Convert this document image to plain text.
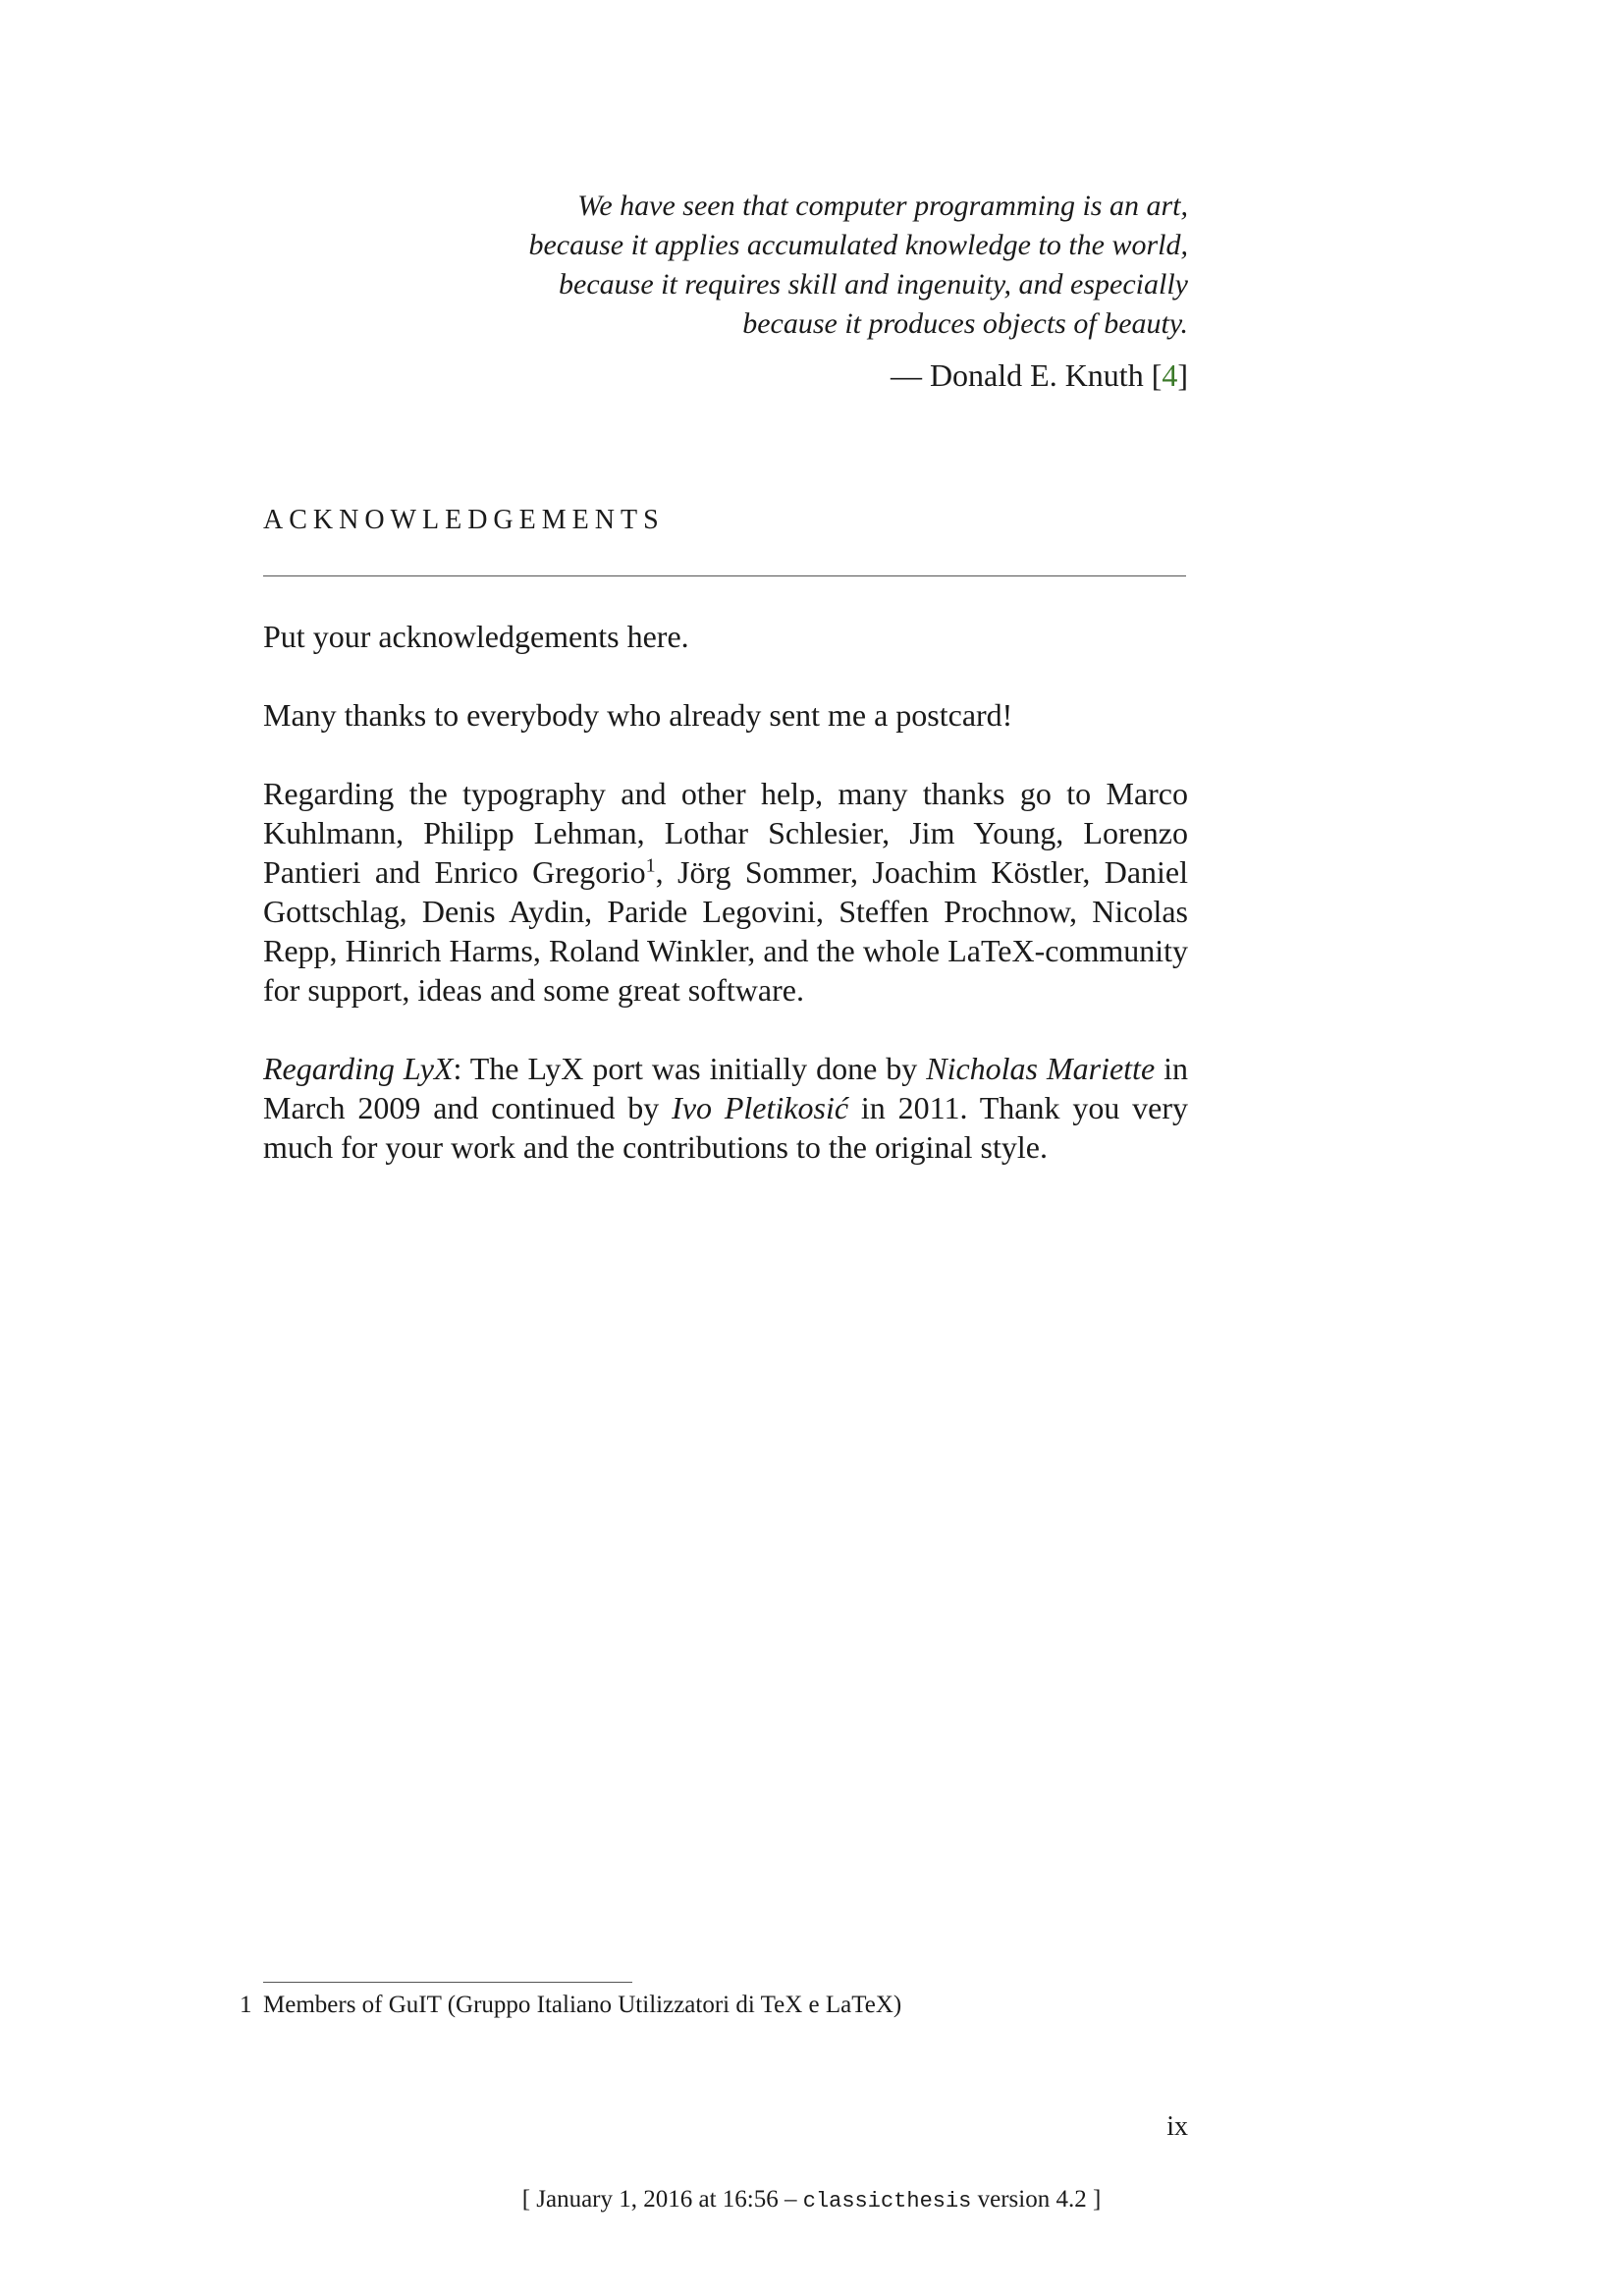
We have seen that computer programming is an art,
because it applies accumulated knowledge to the world,
because it requires skill and ingenuity, and especially
because it produces objects of beauty.
— Donald E. Knuth [4]
ACKNOWLEDGEMENTS

Put your acknowledgements here.

Many thanks to everybody who already sent me a postcard!

Regarding the typography and other help, many thanks go to Marco Kuhlmann, Philipp Lehman, Lothar Schlesier, Jim Young, Lorenzo Pantieri and Enrico Gregorio$^1$, Jörg Sommer, Joachim Köstler, Daniel Gottschlag, Denis Aydin, Paride Legovini, Steffen Prochnow, Nicolas Repp, Hinrich Harms, Roland Winkler, and the whole LaTeX-community for support, ideas and some great software.

Regarding LyX: The LyX port was initially done by Nicholas Mariette in March 2009 and continued by Ivo Pletikosić in 2011. Thank you very much for your work and the contributions to the original style.

1 Members of GuIT (Gruppo Italiano Utilizzatori di TeX e LaTeX)
ix
[ January 1, 2016 at 16:56 – classicthesis version 4.2 ]
